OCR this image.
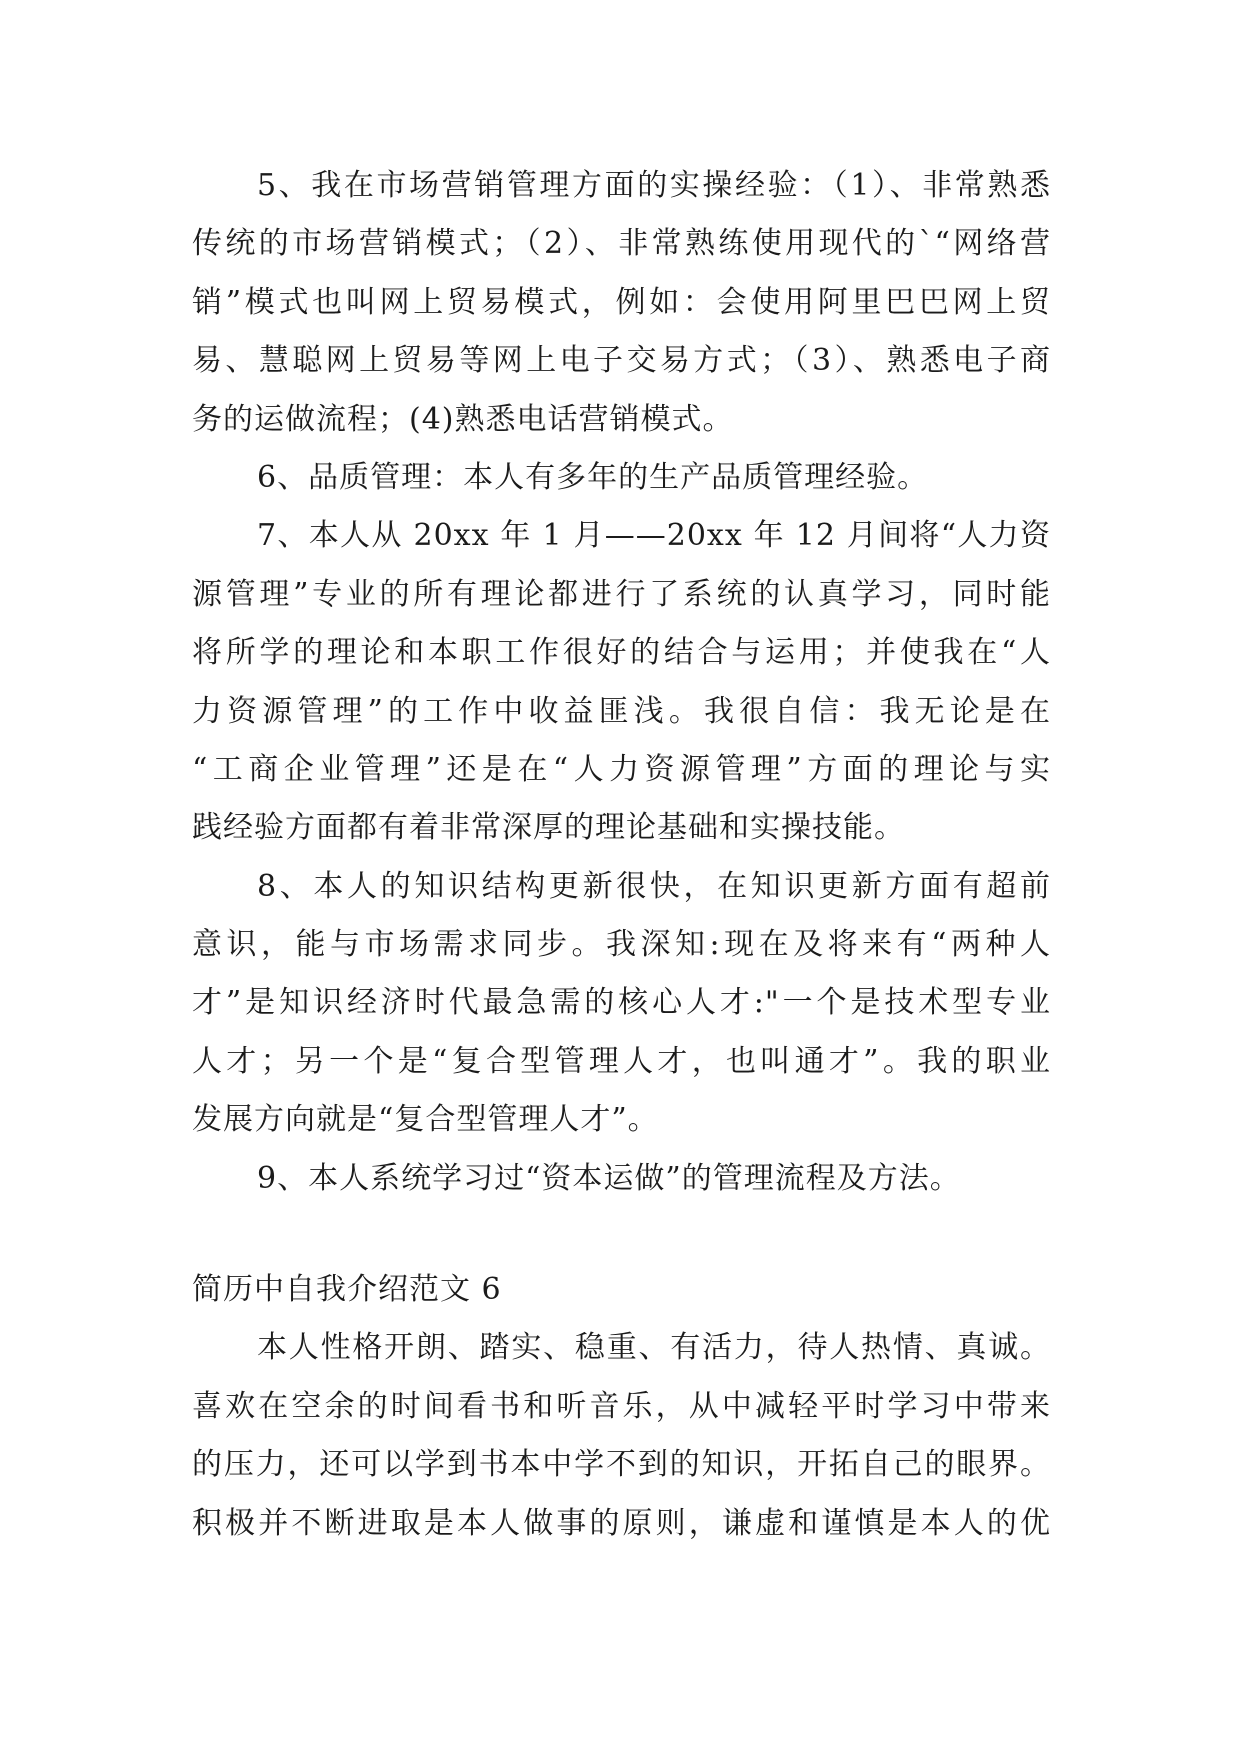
5、我在市场营销管理方面的实操经验：（1）、非常熟悉
传统的市场营销模式；（2）、非常熟练使用现代的`“网络营
销”模式也叫网上贸易模式，例如：会使用阿里巴巴网上贸
易、慧聪网上贸易等网上电子交易方式；（3）、熟悉电子商
务的运做流程；(4)熟悉电话营销模式。
6、品质管理：本人有多年的生产品质管理经验。
7、本人从 20xx 年 1 月——20xx 年 12 月间将“人力资
源管理”专业的所有理论都进行了系统的认真学习，同时能
将所学的理论和本职工作很好的结合与运用；并使我在“人
力资源管理”的工作中收益匪浅。我很自信：我无论是在
“工商企业管理”还是在“人力资源管理”方面的理论与实
践经验方面都有着非常深厚的理论基础和实操技能。
8、本人的知识结构更新很快，在知识更新方面有超前
意识，能与市场需求同步。我深知:现在及将来有“两种人
才”是知识经济时代最急需的核心人才:"一个是技术型专业
人才；另一个是“复合型管理人才，也叫通才”。我的职业
发展方向就是“复合型管理人才”。
9、本人系统学习过“资本运做”的管理流程及方法。
简历中自我介绍范文 6
本人性格开朗、踏实、稳重、有活力，待人热情、真诚。
喜欢在空余的时间看书和听音乐，从中减轻平时学习中带来
的压力，还可以学到书本中学不到的知识，开拓自己的眼界。
积极并不断进取是本人做事的原则，谦虚和谨慎是本人的优
